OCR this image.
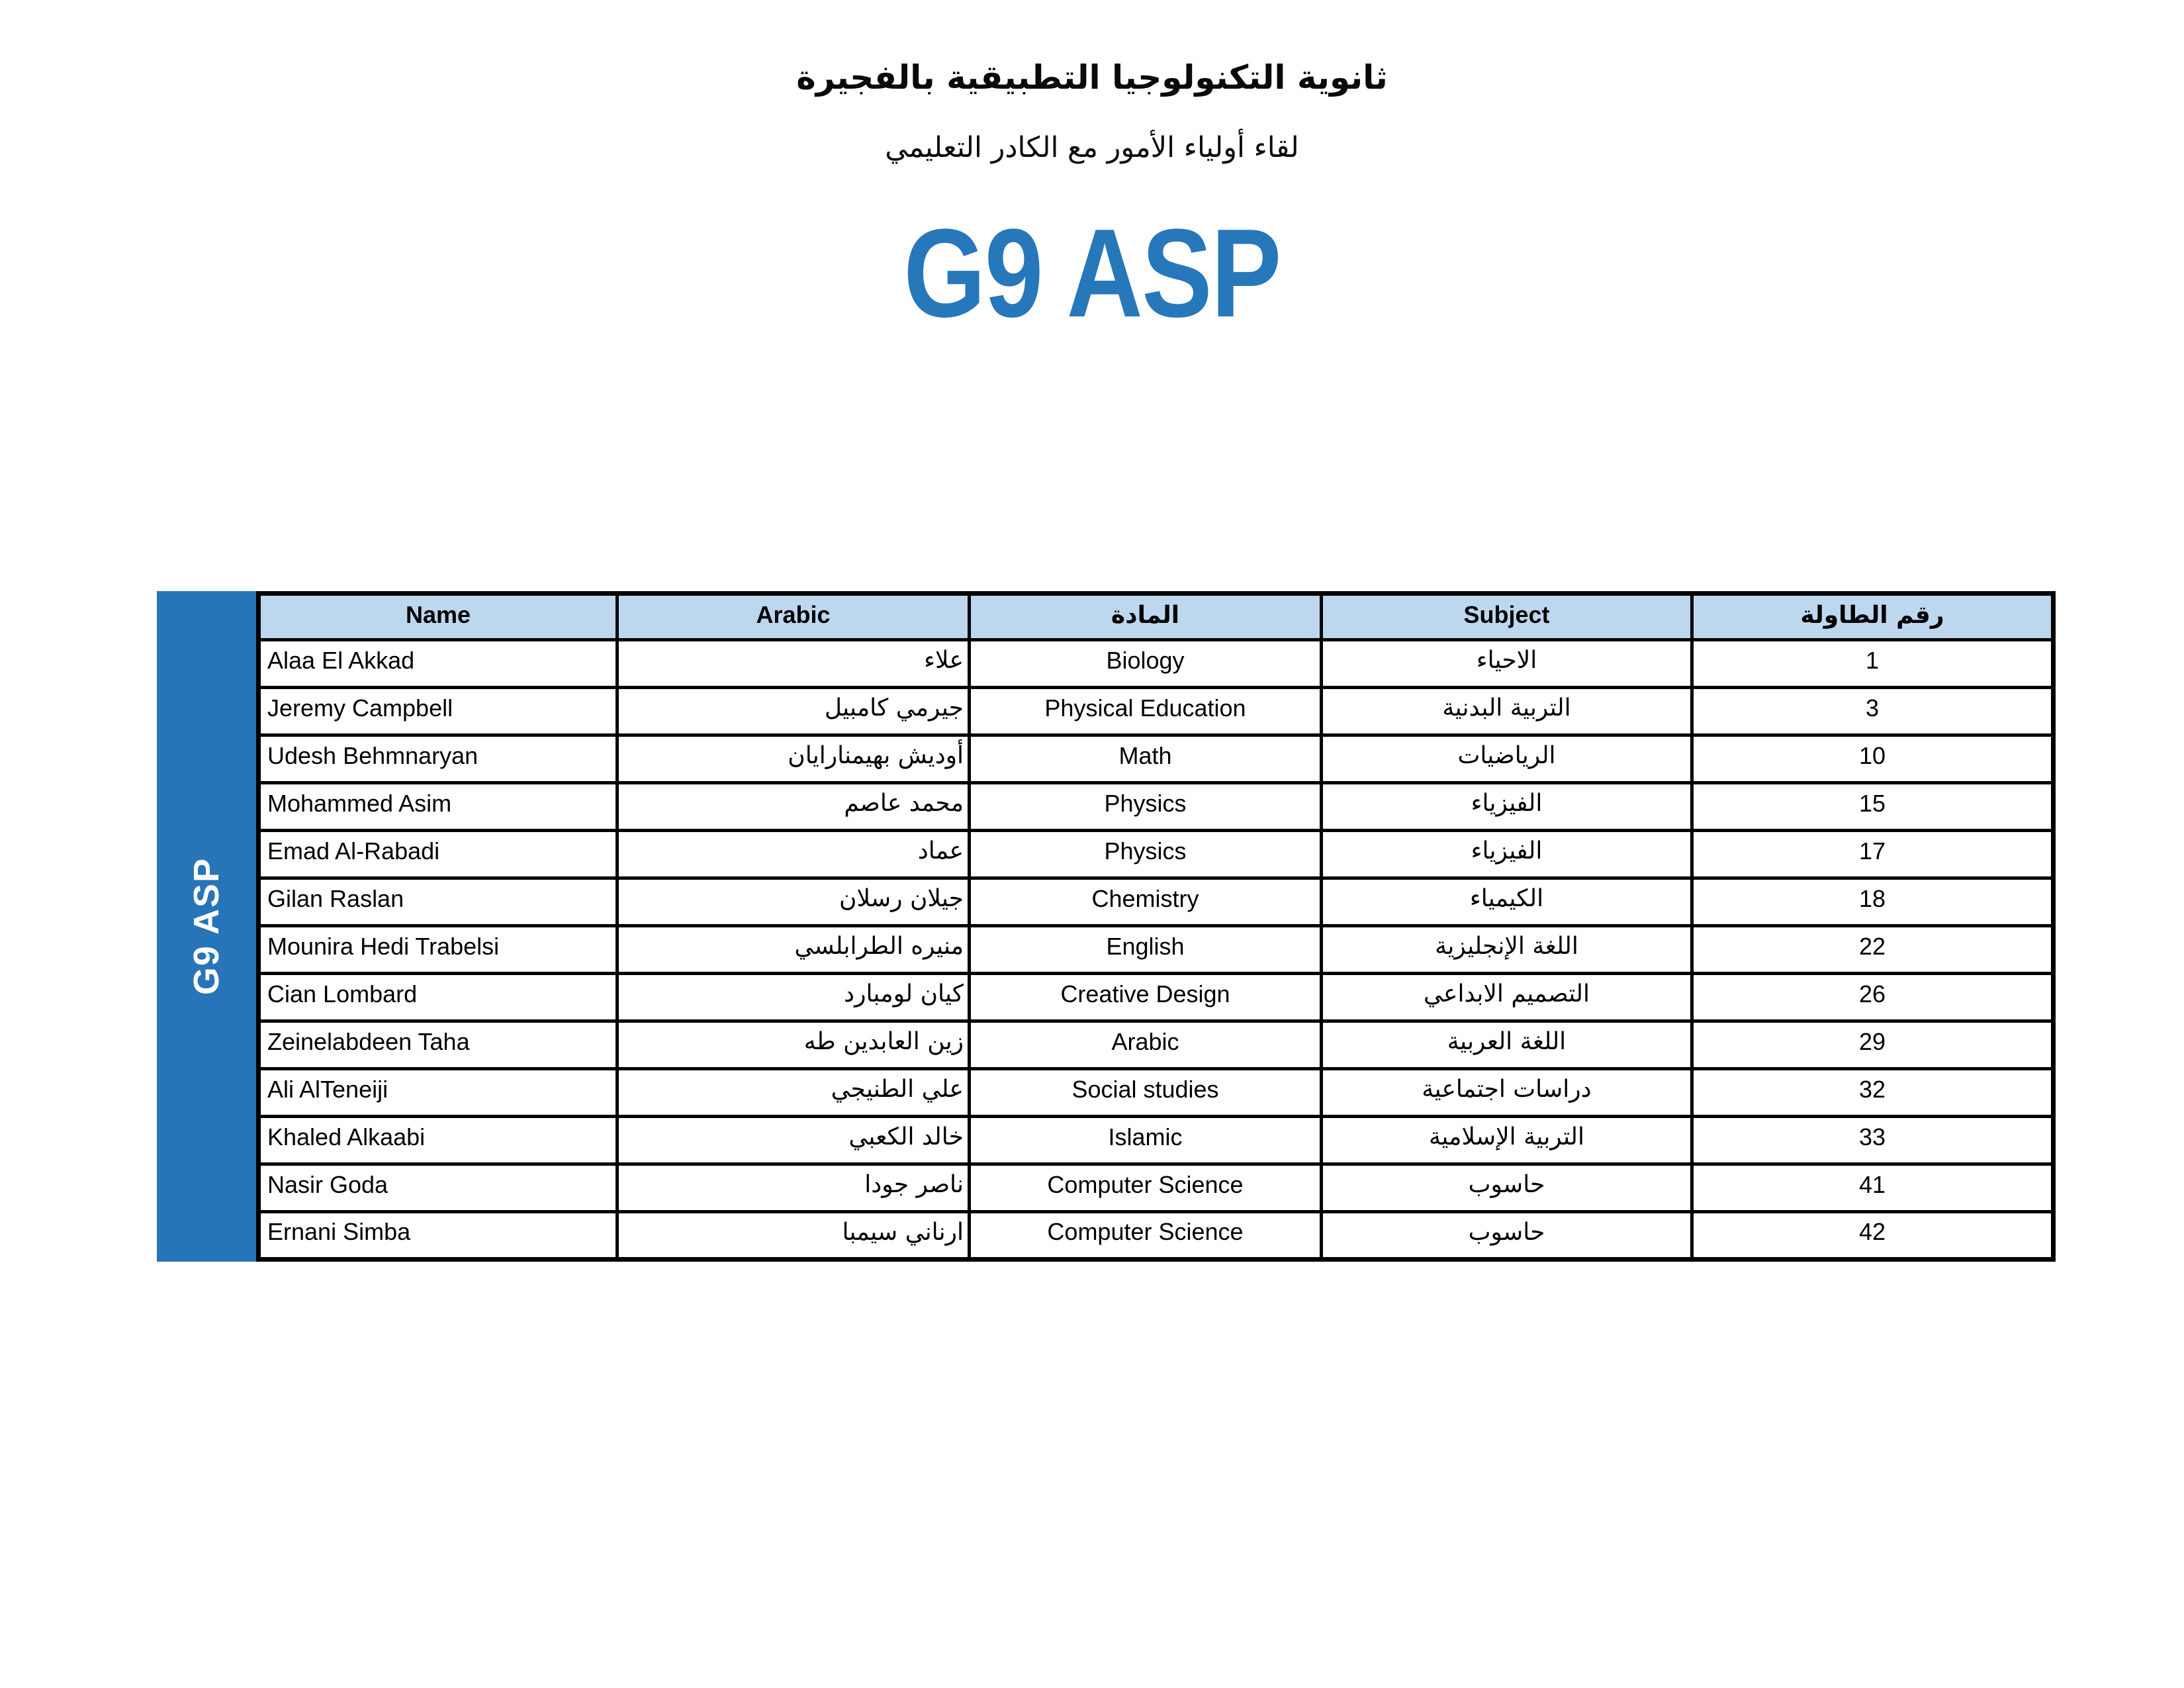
ثانوية التكنولوجيا التطبيقية بالفجيرة
لقاء أولياء الأمور مع الكادر التعليمي
G9 ASP
G9 ASP
Name	Arabic	المادة	Subject	رقم الطاولة
Alaa El Akkad	علاء	Biology	الاحياء	1
Jeremy Campbell	جيرمي كامبيل	Physical Education	التربية البدنية	3
Udesh Behmnaryan	أوديش بهيمنارايان	Math	الرياضيات	10
Mohammed Asim	محمد عاصم	Physics	الفيزياء	15
Emad Al-Rabadi	عماد	Physics	الفيزياء	17
Gilan Raslan	جيلان رسلان	Chemistry	الكيمياء	18
Mounira Hedi Trabelsi	منيره الطرابلسي	English	اللغة الإنجليزية	22
Cian Lombard	كيان لومبارد	Creative Design	التصميم الابداعي	26
Zeinelabdeen Taha	زين العابدين طه	Arabic	اللغة العربية	29
Ali AlTeneiji	علي الطنيجي	Social studies	دراسات اجتماعية	32
Khaled Alkaabi	خالد الكعبي	Islamic	التربية الإسلامية	33
Nasir Goda	ناصر جودا	Computer Science	حاسوب	41
Ernani Simba	ارناني سيمبا	Computer Science	حاسوب	42
